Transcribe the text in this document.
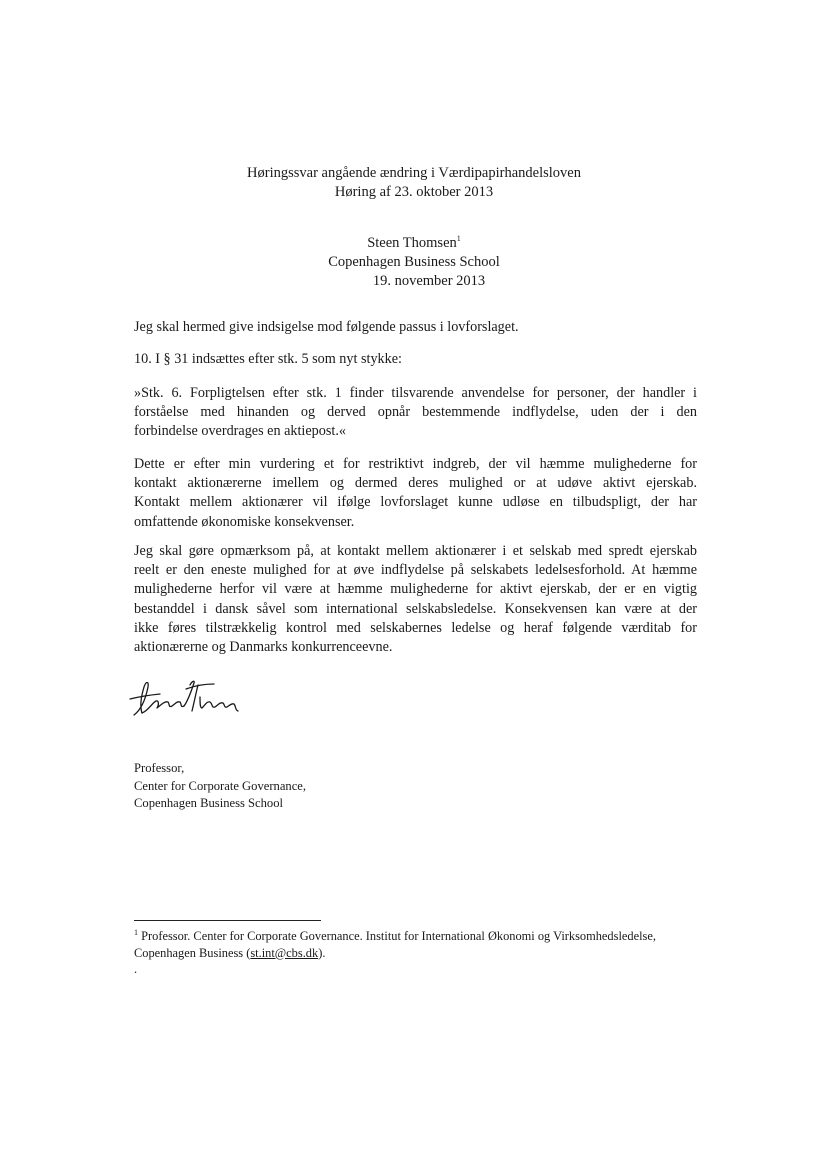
Høringssvar angående ændring i Værdipapirhandelsloven
Høring af 23. oktober 2013
Steen Thomsen$^1$
Copenhagen Business School
19. november 2013
Jeg skal hermed give indsigelse mod følgende passus i lovforslaget.
10. I § 31 indsættes efter stk. 5 som nyt stykke:
»Stk. 6. Forpligtelsen efter stk. 1 finder tilsvarende anvendelse for personer, der handler i
forståelse med hinanden og derved opnår bestemmende indflydelse, uden der i den
forbindelse overdrages en aktiepost.«
Dette er efter min vurdering et for restriktivt indgreb, der vil hæmme mulighederne for
kontakt aktionærerne imellem og dermed deres mulighed or at udøve aktivt ejerskab.
Kontakt mellem aktionærer vil ifølge lovforslaget kunne udløse en tilbudspligt, der har
omfattende økonomiske konsekvenser.
Jeg skal gøre opmærksom på, at kontakt mellem aktionærer i et selskab med spredt ejerskab
reelt er den eneste mulighed for at øve indflydelse på selskabets ledelsesforhold. At hæmme
mulighederne herfor vil være at hæmme mulighederne for aktivt ejerskab, der er en vigtig
bestanddel i dansk såvel som international selskabsledelse. Konsekvensen kan være at der
ikke føres tilstrækkelig kontrol med selskabernes ledelse og heraf følgende værditab for
aktionærerne og Danmarks konkurrenceevne.
Professor,
Center for Corporate Governance,
Copenhagen Business School
$^1$ Professor. Center for Corporate Governance. Institut for International Økonomi og Virksomhedsledelse,
Copenhagen Business (st.int@cbs.dk).
.
